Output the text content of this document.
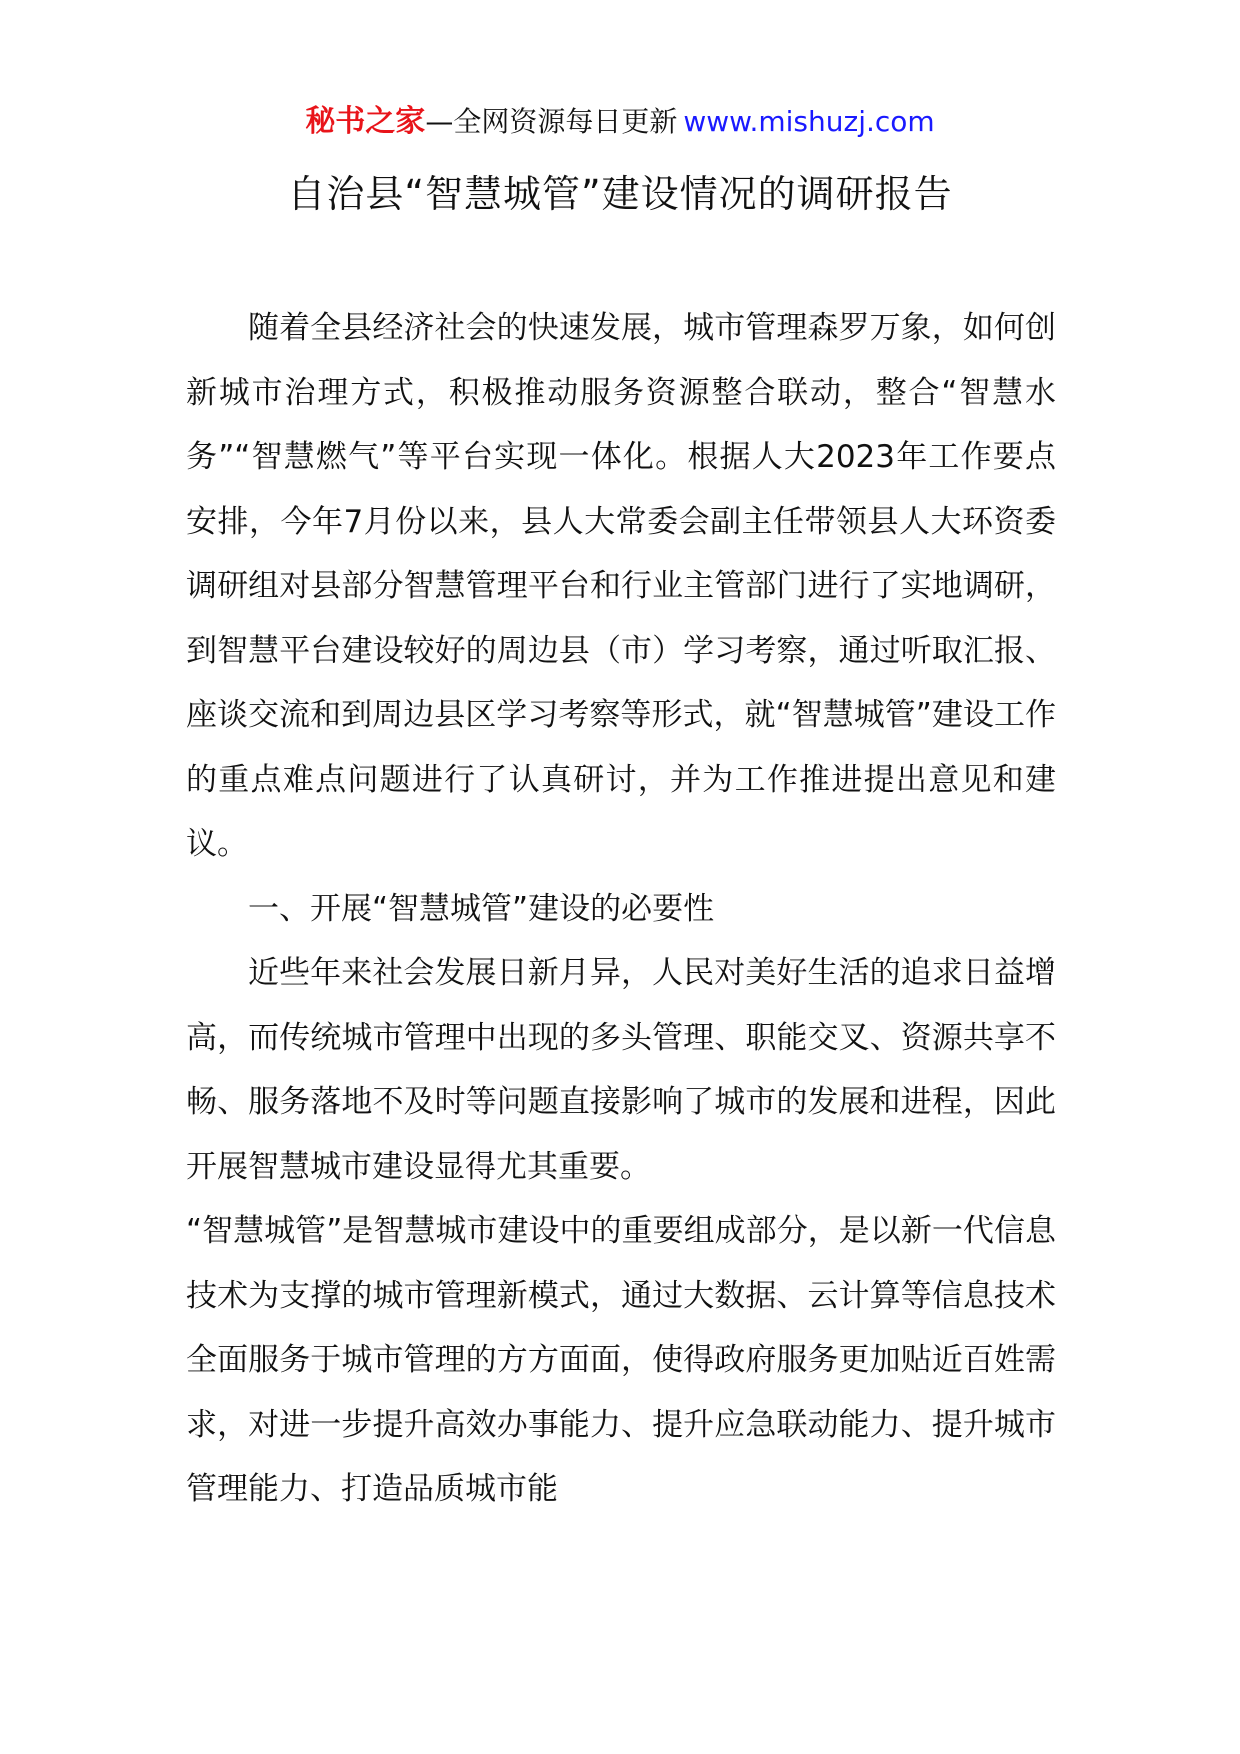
秘书之家—全网资源每日更新 www.mishuzj.com
自治县“智慧城管”建设情况的调研报告

随着全县经济社会的快速发展，城市管理森罗万象，如何创新城市治理方式，积极推动服务资源整合联动，整合“智慧水务”“智慧燃气”等平台实现一体化。根据人大2023年工作要点安排，今年7月份以来，县人大常委会副主任带领县人大环资委调研组对县部分智慧管理平台和行业主管部门进行了实地调研，到智慧平台建设较好的周边县（市）学习考察，通过听取汇报、座谈交流和到周边县区学习考察等形式，就“智慧城管”建设工作的重点难点问题进行了认真研讨，并为工作推进提出意见和建议。

一、开展“智慧城管”建设的必要性

近些年来社会发展日新月异，人民对美好生活的追求日益增高，而传统城市管理中出现的多头管理、职能交叉、资源共享不畅、服务落地不及时等问题直接影响了城市的发展和进程，因此开展智慧城市建设显得尤其重要。

“智慧城管”是智慧城市建设中的重要组成部分，是以新一代信息技术为支撑的城市管理新模式，通过大数据、云计算等信息技术全面服务于城市管理的方方面面，使得政府服务更加贴近百姓需求，对进一步提升高效办事能力、提升应急联动能力、提升城市管理能力、打造品质城市能
